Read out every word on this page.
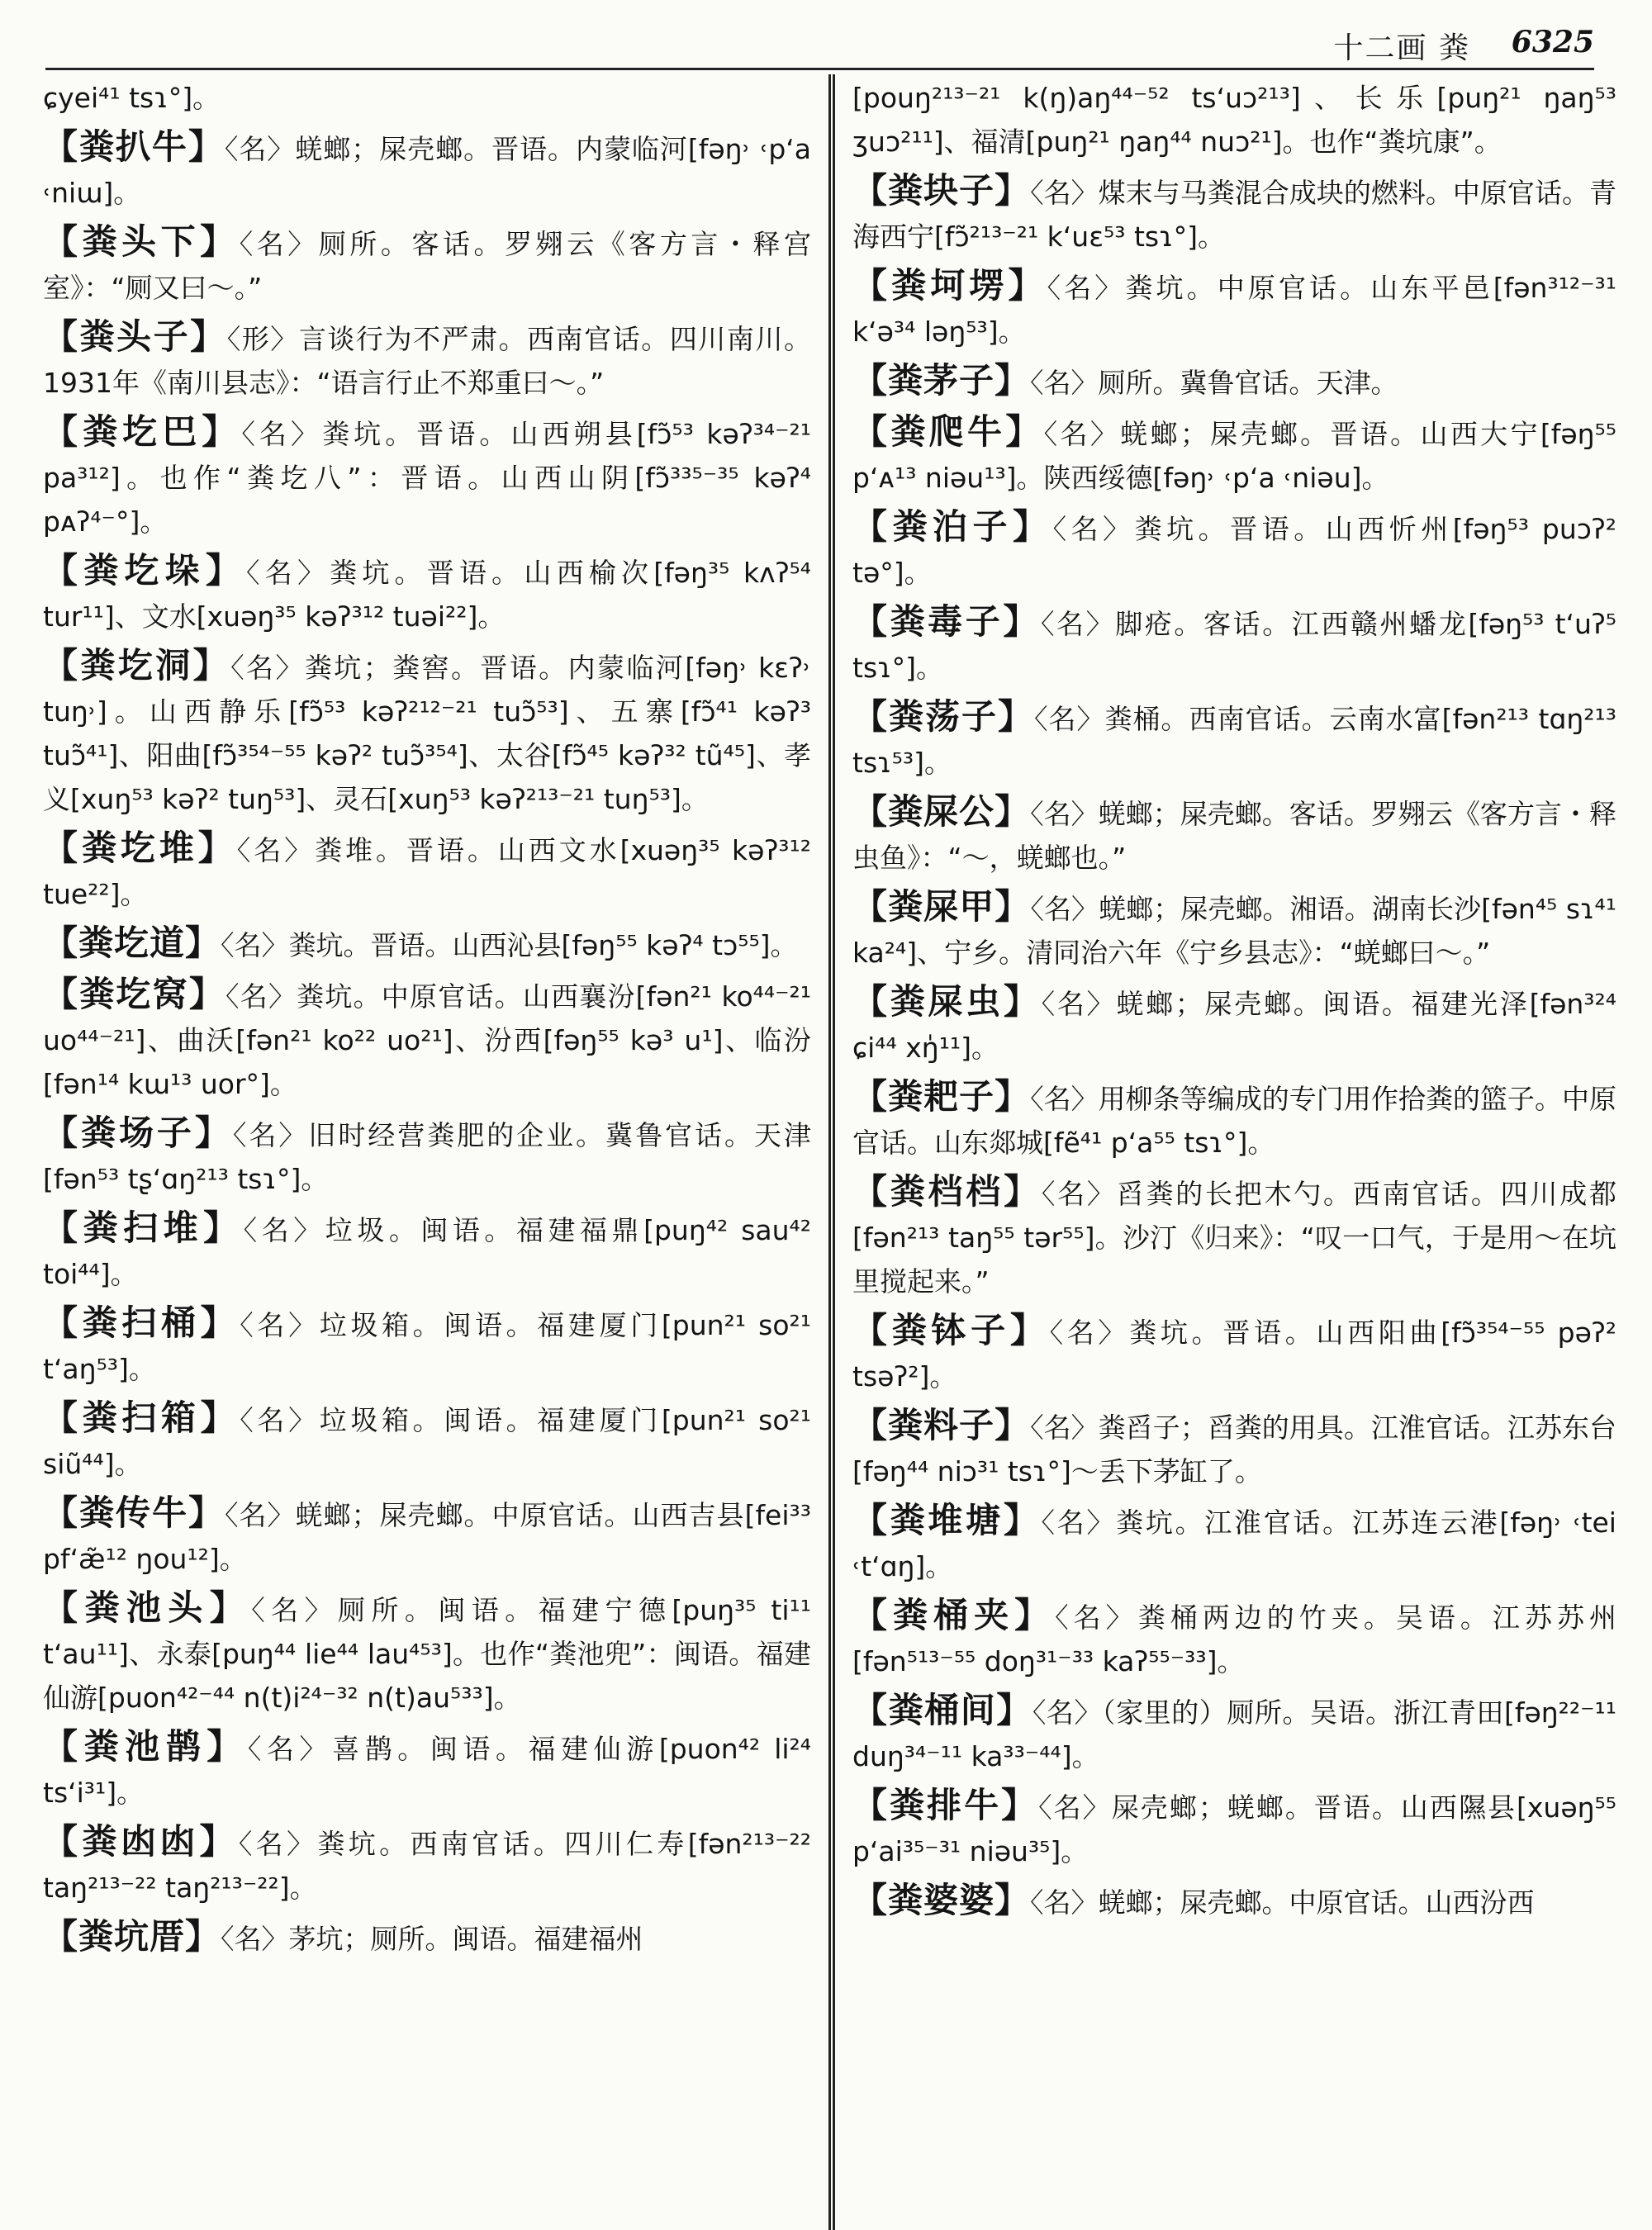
十二画 粪 6325

ɕyei⁴¹ tsɿ°]。

【粪扒牛】〈名〉蜣螂；屎壳螂。晋语。内蒙临河[fəŋ˒ ˓pʻa ˓niɯ]。

【粪头下】〈名〉厕所。客话。罗翙云《客方言・释宫室》：“厕又曰～。”

【粪头子】〈形〉言谈行为不严肃。西南官话。四川南川。1931年《南川县志》：“语言行止不郑重曰～。”

【粪圪巴】〈名〉粪坑。晋语。山西朔县[fɔ̃⁵³ kəʔ³⁴⁻²¹ pa³¹²]。也作“粪圪八”：晋语。山西山阴[fɔ̃³³⁵⁻³⁵ kəʔ⁴ pᴀʔ⁴⁻°]。

【粪圪垛】〈名〉粪坑。晋语。山西榆次[fəŋ³⁵ kʌʔ⁵⁴ tur¹¹]、文水[xuəŋ³⁵ kəʔ³¹² tuəi²²]。

【粪圪洞】〈名〉粪坑；粪窖。晋语。内蒙临河[fəŋ˒ kɛʔ˒ tuŋ˒]。山西静乐[fɔ̃⁵³ kəʔ²¹²⁻²¹ tuɔ̃⁵³]、五寨[fɔ̃⁴¹ kəʔ³ tuɔ̃⁴¹]、阳曲[fɔ̃³⁵⁴⁻⁵⁵ kəʔ² tuɔ̃³⁵⁴]、太谷[fɔ̃⁴⁵ kəʔ³² tũ⁴⁵]、孝义[xuŋ⁵³ kəʔ² tuŋ⁵³]、灵石[xuŋ⁵³ kəʔ²¹³⁻²¹ tuŋ⁵³]。

【粪圪堆】〈名〉粪堆。晋语。山西文水[xuəŋ³⁵ kəʔ³¹² tue²²]。

【粪圪道】〈名〉粪坑。晋语。山西沁县[fəŋ⁵⁵ kəʔ⁴ tɔ⁵⁵]。

【粪圪窝】〈名〉粪坑。中原官话。山西襄汾[fən²¹ ko⁴⁴⁻²¹ uo⁴⁴⁻²¹]、曲沃[fən²¹ ko²² uo²¹]、汾西[fəŋ⁵⁵ kə³ u¹]、临汾[fən¹⁴ kɯ¹³ uor°]。

【粪场子】〈名〉旧时经营粪肥的企业。冀鲁官话。天津[fən⁵³ tʂʻɑŋ²¹³ tsɿ°]。

【粪扫堆】〈名〉垃圾。闽语。福建福鼎[puŋ⁴² sau⁴² toi⁴⁴]。

【粪扫桶】〈名〉垃圾箱。闽语。福建厦门[pun²¹ so²¹ tʻaŋ⁵³]。

【粪扫箱】〈名〉垃圾箱。闽语。福建厦门[pun²¹ so²¹ siũ⁴⁴]。

【粪传牛】〈名〉蜣螂；屎壳螂。中原官话。山西吉县[fei³³ pfʻæ̃¹² ŋou¹²]。

【粪池头】〈名〉厕所。闽语。福建宁德[puŋ³⁵ ti¹¹ tʻau¹¹]、永泰[puŋ⁴⁴ lie⁴⁴ lau⁴⁵³]。也作“粪池兜”：闽语。福建仙游[puon⁴²⁻⁴⁴ n(t)i²⁴⁻³² n(t)au⁵³³]。

【粪池鹊】〈名〉喜鹊。闽语。福建仙游[puon⁴² li²⁴ tsʻi³¹]。

【粪凼凼】〈名〉粪坑。西南官话。四川仁寿[fən²¹³⁻²² taŋ²¹³⁻²² taŋ²¹³⁻²²]。

【粪坑厝】〈名〉茅坑；厕所。闽语。福建福州

[pouŋ²¹³⁻²¹ k(ŋ)aŋ⁴⁴⁻⁵² tsʻuɔ²¹³]、长乐[puŋ²¹ ŋaŋ⁵³ ʒuɔ²¹¹]、福清[puŋ²¹ ŋaŋ⁴⁴ nuɔ²¹]。也作“粪坑康”。

【粪块子】〈名〉煤末与马粪混合成块的燃料。中原官话。青海西宁[fɔ̃²¹³⁻²¹ kʻuɛ⁵³ tsɿ°]。

【粪坷塄】〈名〉粪坑。中原官话。山东平邑[fən³¹²⁻³¹ kʻə³⁴ ləŋ⁵³]。

【粪茅子】〈名〉厕所。冀鲁官话。天津。

【粪爬牛】〈名〉蜣螂；屎壳螂。晋语。山西大宁[fəŋ⁵⁵ pʻᴀ¹³ niəu¹³]。陕西绥德[fəŋ˒ ˓pʻa ˓niəu]。

【粪泊子】〈名〉粪坑。晋语。山西忻州[fəŋ⁵³ puɔʔ² tə°]。

【粪毒子】〈名〉脚疮。客话。江西赣州蟠龙[fəŋ⁵³ tʻuʔ⁵ tsɿ°]。

【粪荡子】〈名〉粪桶。西南官话。云南水富[fən²¹³ tɑŋ²¹³ tsɿ⁵³]。

【粪屎公】〈名〉蜣螂；屎壳螂。客话。罗翙云《客方言・释虫鱼》：“～，蜣螂也。”

【粪屎甲】〈名〉蜣螂；屎壳螂。湘语。湖南长沙[fən⁴⁵ sɿ⁴¹ ka²⁴]、宁乡。清同治六年《宁乡县志》：“蜣螂曰～。”

【粪屎虫】〈名〉蜣螂；屎壳螂。闽语。福建光泽[fən³²⁴ ɕi⁴⁴ xŋ̍¹¹]。

【粪耙子】〈名〉用柳条等编成的专门用作拾粪的篮子。中原官话。山东郯城[fẽ⁴¹ pʻa⁵⁵ tsɿ°]。

【粪档档】〈名〉舀粪的长把木勺。西南官话。四川成都[fən²¹³ taŋ⁵⁵ tər⁵⁵]。沙汀《归来》：“叹一口气，于是用～在坑里搅起来。”

【粪钵子】〈名〉粪坑。晋语。山西阳曲[fɔ̃³⁵⁴⁻⁵⁵ pəʔ² tsəʔ²]。

【粪料子】〈名〉粪舀子；舀粪的用具。江淮官话。江苏东台[fəŋ⁴⁴ niɔ³¹ tsɿ°]～丢下茅缸了。

【粪堆塘】〈名〉粪坑。江淮官话。江苏连云港[fəŋ˒ ˓tei ˓tʻɑŋ]。

【粪桶夹】〈名〉粪桶两边的竹夹。吴语。江苏苏州[fən⁵¹³⁻⁵⁵ doŋ³¹⁻³³ kaʔ⁵⁵⁻³³]。

【粪桶间】〈名〉（家里的）厕所。吴语。浙江青田[fəŋ²²⁻¹¹ duŋ³⁴⁻¹¹ ka³³⁻⁴⁴]。

【粪排牛】〈名〉屎壳螂；蜣螂。晋语。山西隰县[xuəŋ⁵⁵ pʻai³⁵⁻³¹ niəu³⁵]。

【粪婆婆】〈名〉蜣螂；屎壳螂。中原官话。山西汾西
